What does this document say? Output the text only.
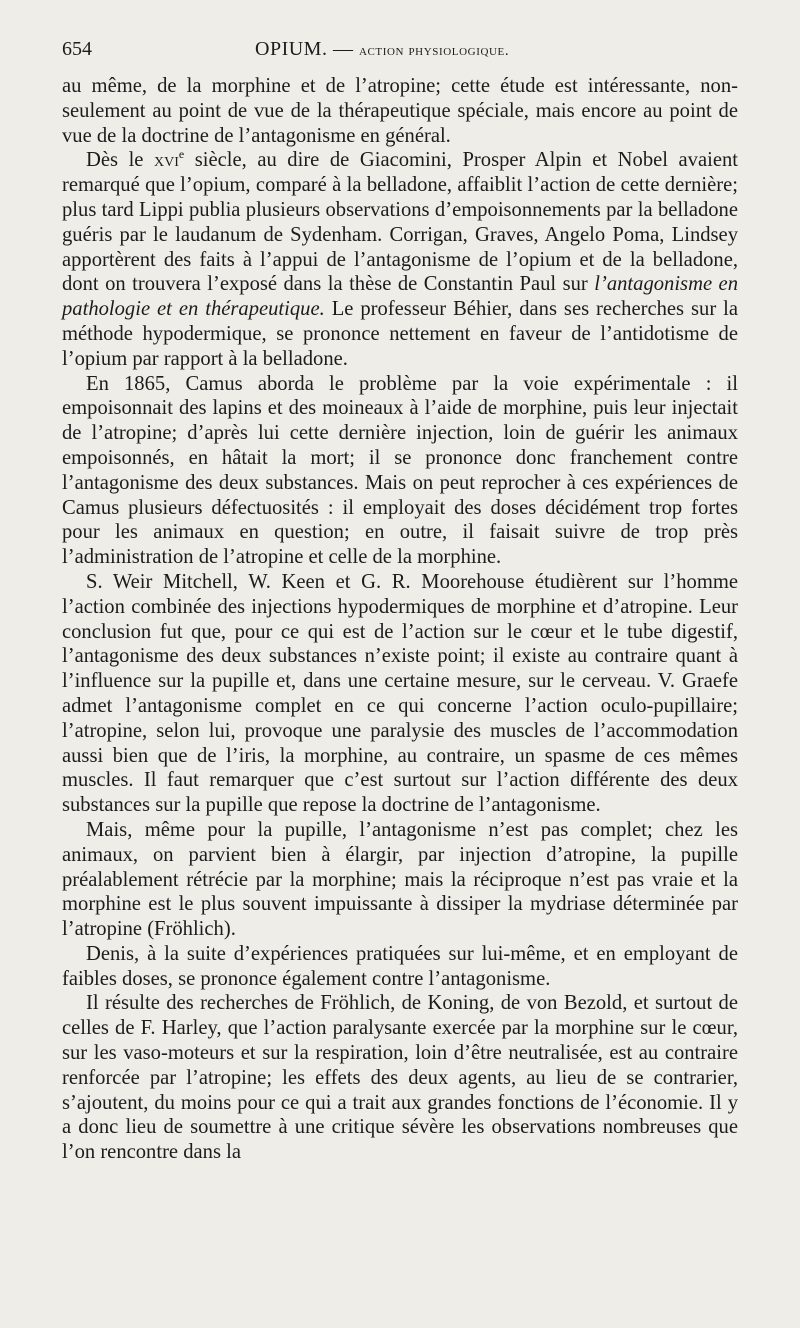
654	OPIUM. — action physiologique.

au même, de la morphine et de l’atropine; cette étude est intéressante, non-seulement au point de vue de la thérapeutique spéciale, mais encore au point de vue de la doctrine de l’antagonisme en général.

Dès le xvi$^e$ siècle, au dire de Giacomini, Prosper Alpin et Nobel avaient remarqué que l’opium, comparé à la belladone, affaiblit l’action de cette dernière; plus tard Lippi publia plusieurs observations d’empoisonnements par la belladone guéris par le laudanum de Sydenham. Corrigan, Graves, Angelo Poma, Lindsey apportèrent des faits à l’appui de l’antagonisme de l’opium et de la belladone, dont on trouvera l’exposé dans la thèse de Constantin Paul sur l’antagonisme en pathologie et en thérapeutique. Le professeur Béhier, dans ses recherches sur la méthode hypodermique, se prononce nettement en faveur de l’antidotisme de l’opium par rapport à la belladone.

En 1865, Camus aborda le problème par la voie expérimentale : il empoisonnait des lapins et des moineaux à l’aide de morphine, puis leur injectait de l’atropine; d’après lui cette dernière injection, loin de guérir les animaux empoisonnés, en hâtait la mort; il se prononce donc franchement contre l’antagonisme des deux substances. Mais on peut reprocher à ces expériences de Camus plusieurs défectuosités : il employait des doses décidément trop fortes pour les animaux en question; en outre, il faisait suivre de trop près l’administration de l’atropine et celle de la morphine.

S. Weir Mitchell, W. Keen et G. R. Moorehouse étudièrent sur l’homme l’action combinée des injections hypodermiques de morphine et d’atropine. Leur conclusion fut que, pour ce qui est de l’action sur le cœur et le tube digestif, l’antagonisme des deux substances n’existe point; il existe au contraire quant à l’influence sur la pupille et, dans une certaine mesure, sur le cerveau. V. Graefe admet l’antagonisme complet en ce qui concerne l’action oculo-pupillaire; l’atropine, selon lui, provoque une paralysie des muscles de l’accommodation aussi bien que de l’iris, la morphine, au contraire, un spasme de ces mêmes muscles. Il faut remarquer que c’est surtout sur l’action différente des deux substances sur la pupille que repose la doctrine de l’antagonisme.

Mais, même pour la pupille, l’antagonisme n’est pas complet; chez les animaux, on parvient bien à élargir, par injection d’atropine, la pupille préalablement rétrécie par la morphine; mais la réciproque n’est pas vraie et la morphine est le plus souvent impuissante à dissiper la mydriase déterminée par l’atropine (Fröhlich).

Denis, à la suite d’expériences pratiquées sur lui-même, et en employant de faibles doses, se prononce également contre l’antagonisme.

Il résulte des recherches de Fröhlich, de Koning, de von Bezold, et surtout de celles de F. Harley, que l’action paralysante exercée par la morphine sur le cœur, sur les vaso-moteurs et sur la respiration, loin d’être neutralisée, est au contraire renforcée par l’atropine; les effets des deux agents, au lieu de se contrarier, s’ajoutent, du moins pour ce qui a trait aux grandes fonctions de l’économie. Il y a donc lieu de soumettre à une critique sévère les observations nombreuses que l’on rencontre dans la
